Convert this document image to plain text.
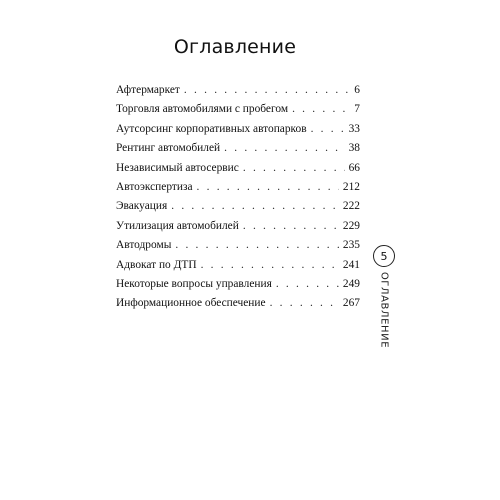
Оглавление
Афтермаркет . . .	6
Торговля автомобилями с пробегом . . .	7
Аутсорсинг корпоративных автопарков . . .	33
Рентинг автомобилей . . .	38
Независимый автосервис . . .	66
Автоэкспертиза . . .	212
Эвакуация . . .	222
Утилизация автомобилей . . .	229
Автодромы . . .	235
Адвокат по ДТП . . .	241
Некоторые вопросы управления . . .	249
Информационное обеспечение . . .	267
5
ОГЛАВЛЕНИЕ
